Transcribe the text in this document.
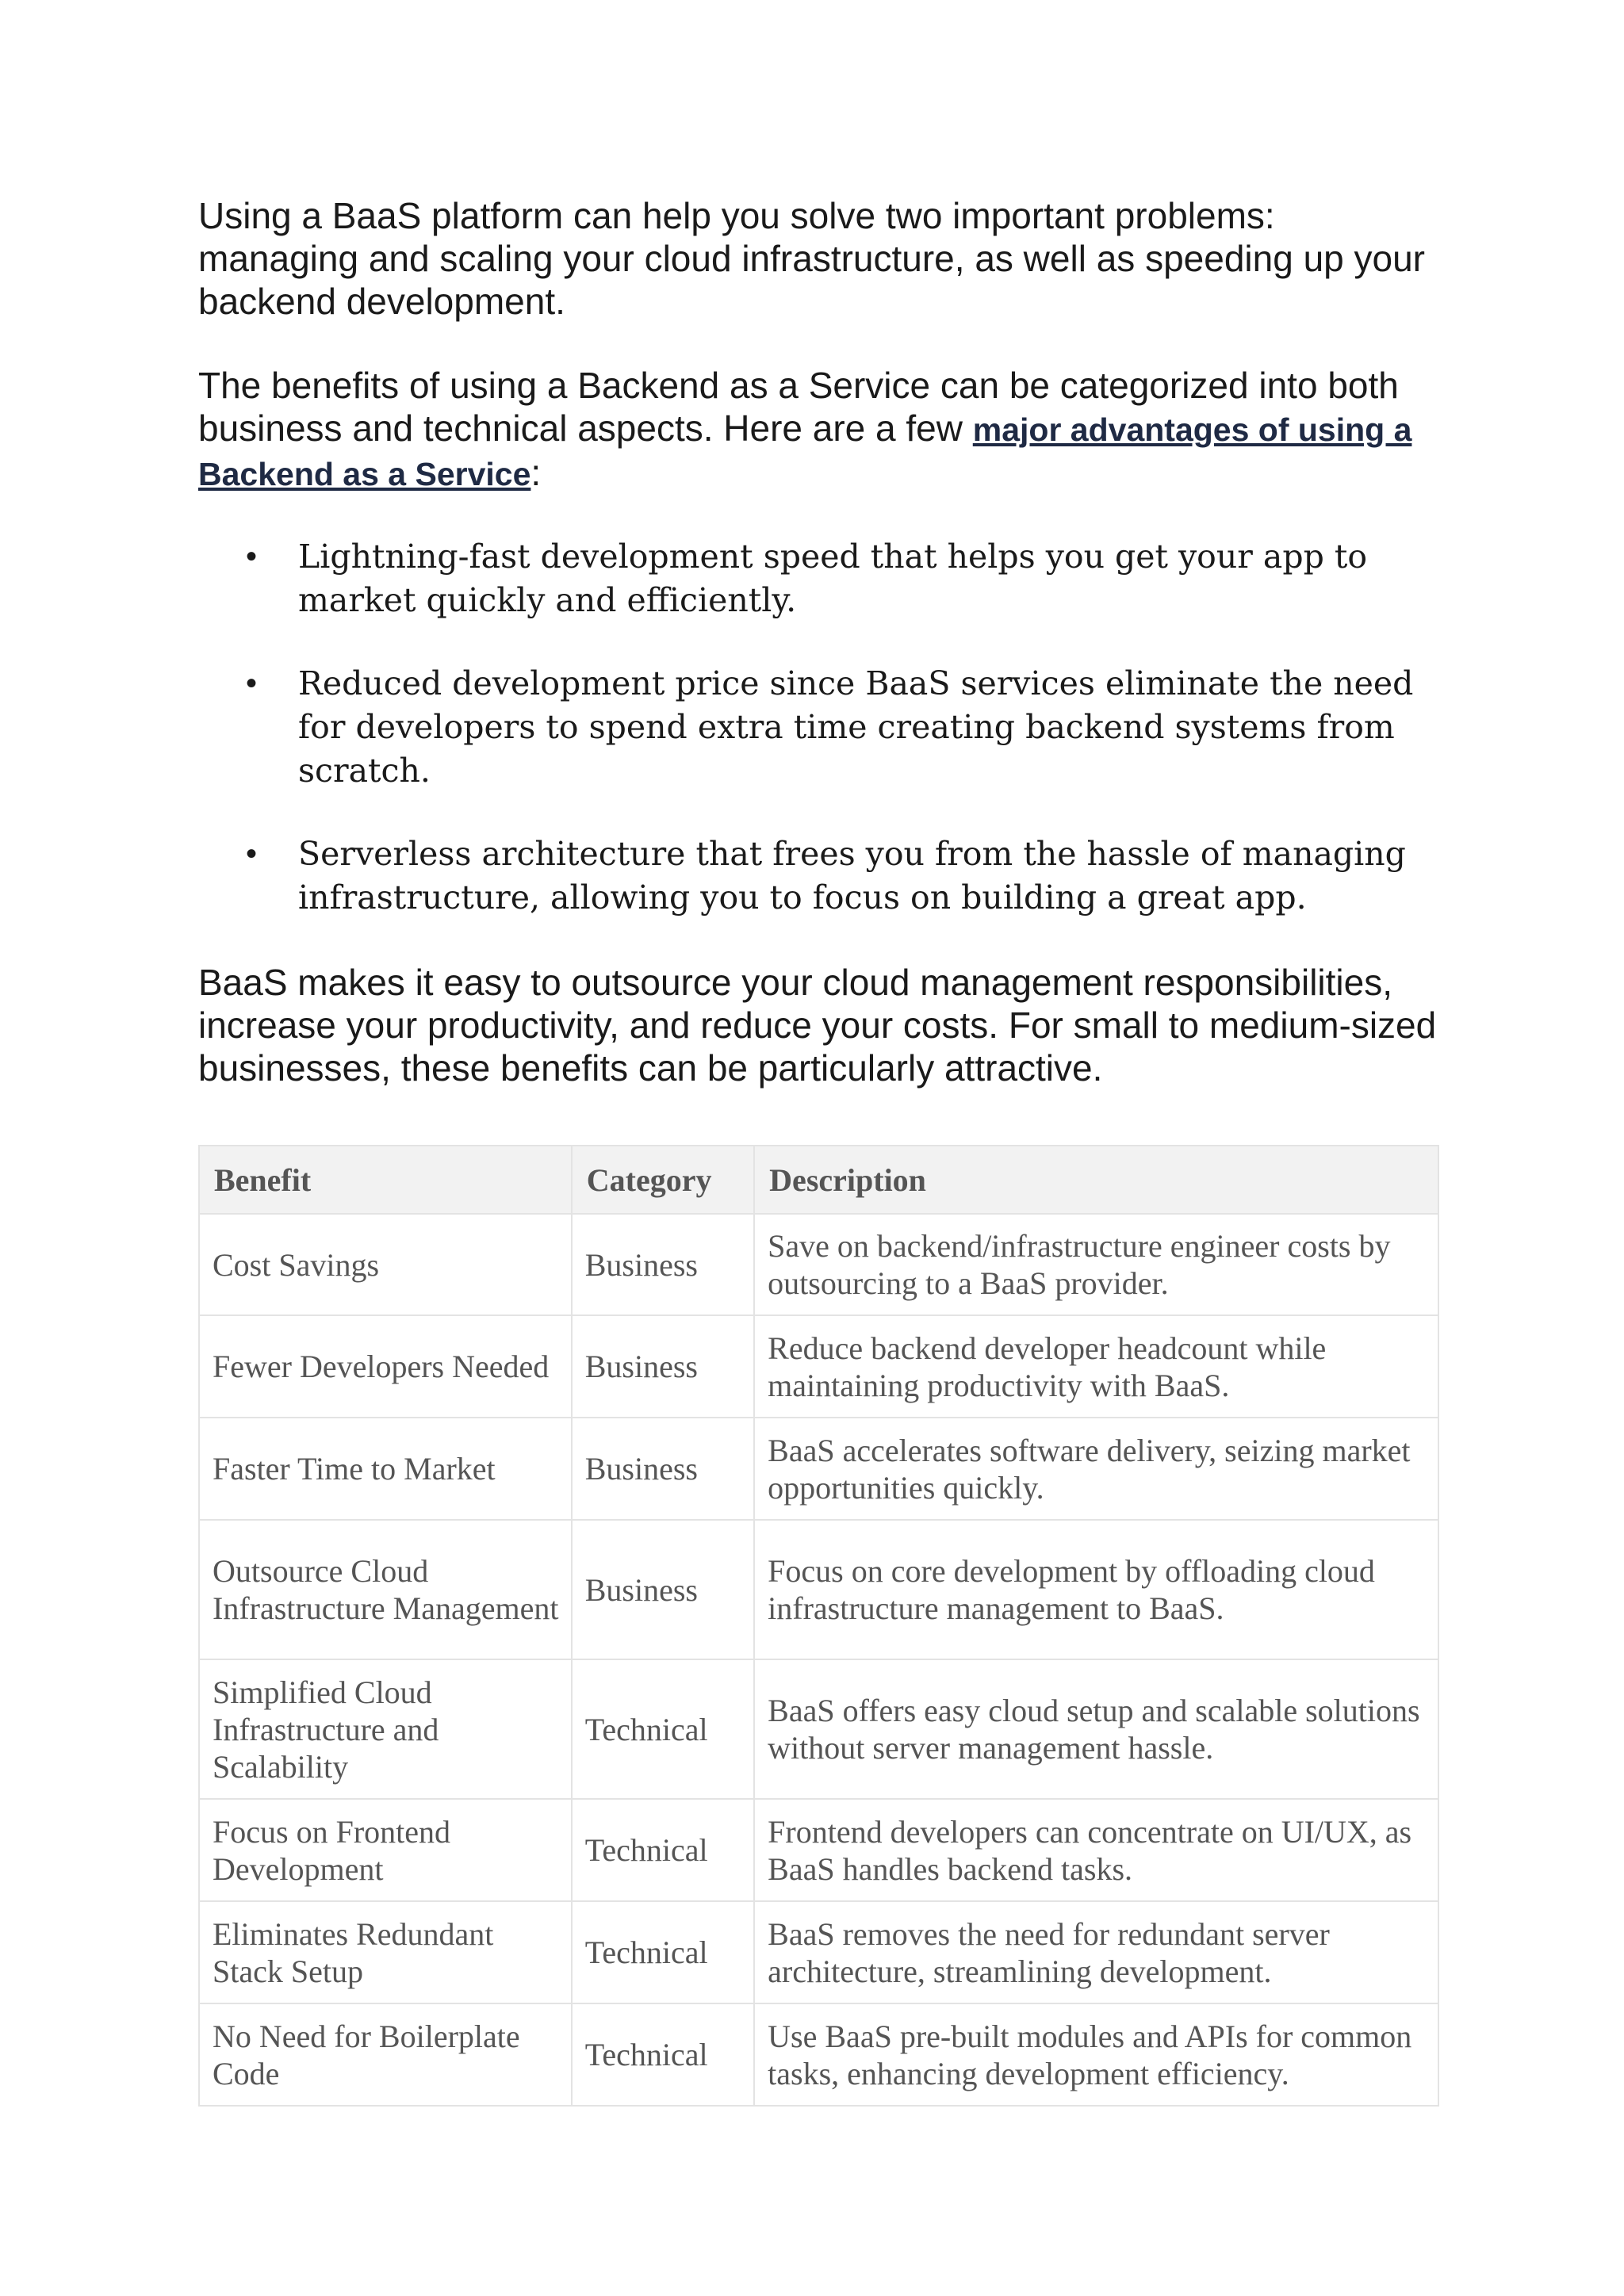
Using a BaaS platform can help you solve two important problems: managing and scaling your cloud infrastructure, as well as speeding up your backend development.

The benefits of using a Backend as a Service can be categorized into both business and technical aspects. Here are a few major advantages of using a Backend as a Service:

• Lightning-fast development speed that helps you get your app to market quickly and efficiently.
• Reduced development price since BaaS services eliminate the need for developers to spend extra time creating backend systems from scratch.
• Serverless architecture that frees you from the hassle of managing infrastructure, allowing you to focus on building a great app.

BaaS makes it easy to outsource your cloud management responsibilities, increase your productivity, and reduce your costs. For small to medium-sized businesses, these benefits can be particularly attractive.

Benefit	Category	Description
Cost Savings	Business	Save on backend/infrastructure engineer costs by outsourcing to a BaaS provider.
Fewer Developers Needed	Business	Reduce backend developer headcount while maintaining productivity with BaaS.
Faster Time to Market	Business	BaaS accelerates software delivery, seizing market opportunities quickly.
Outsource Cloud Infrastructure Management	Business	Focus on core development by offloading cloud infrastructure management to BaaS.
Simplified Cloud Infrastructure and Scalability	Technical	BaaS offers easy cloud setup and scalable solutions without server management hassle.
Focus on Frontend Development	Technical	Frontend developers can concentrate on UI/UX, as BaaS handles backend tasks.
Eliminates Redundant Stack Setup	Technical	BaaS removes the need for redundant server architecture, streamlining development.
No Need for Boilerplate Code	Technical	Use BaaS pre-built modules and APIs for common tasks, enhancing development efficiency.
